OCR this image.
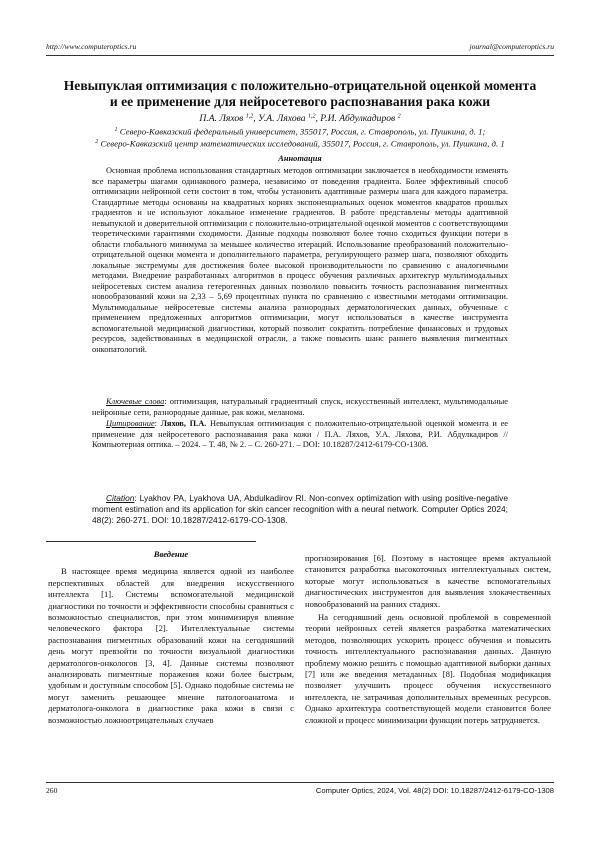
http://www.computeroptics.ru	journal@computeroptics.ru
Невыпуклая оптимизация с положительно-отрицательной оценкой момента и ее применение для нейросетевого распознавания рака кожи
П.А. Ляхов $^{1,2}$, У.А. Ляхова $^{1,2}$, Р.И. Абдулкадиров $^2$
$^1$ Северо-Кавказский федеральный университет, 355017, Россия, г. Ставрополь, ул. Пушкина, д. 1;
$^2$ Северо-Кавказский центр математических исследований, 355017, Россия, г. Ставрополь, ул. Пушкина, д. 1
Аннотация
Основная проблема использования стандартных методов оптимизации заключается в необходимости изменять все параметры шагами одинакового размера, независимо от поведения градиента. Более эффективный способ оптимизации нейронной сети состоит в том, чтобы установить адаптивные размеры шага для каждого параметра. Стандартные методы основаны на квадратных корнях экспоненциальных оценок моментов квадратов прошлых градиентов и не используют локальное изменение градиентов. В работе представлены методы адаптивной невыпуклой и доверительной оптимизации с положительно-отрицательной оценкой моментов с соответствующими теоретическими гарантиями сходимости. Данные подходы позволяют более точно сходиться функции потери в области глобального минимума за меньшее количество итераций. Использование преобразований положительно-отрицательной оценки момента и дополнительного параметра, регулирующего размер шага, позволяют обходить локальные экстремумы для достижения более высокой производительности по сравнению с аналогичными методами. Внедрение разработанных алгоритмов в процесс обучения различных архитектур мультимодальных нейросетевых систем анализа гетерогенных данных позволило повысить точность распознавания пигментных новообразований кожи на 2,33 – 5,69 процентных пункта по сравнению с известными методами оптимизации. Мультимодальные нейросетевые системы анализа разнородных дерматологических данных, обученные с применением предложенных алгоритмов оптимизации, могут использоваться в качестве инструмента вспомогательной медицинской диагностики, который позволит сократить потребление финансовых и трудовых ресурсов, задействованных в медицинской отрасли, а также повысить шанс раннего выявления пигментных онкопатологий.
Ключевые слова: оптимизация, натуральный градиентный спуск, искусственный интеллект, мультимодальные нейронные сети, разнородные данные, рак кожи, меланома.
Цитирование: Ляхов, П.А. Невыпуклая оптимизация с положительно-отрицательной оценкой момента и ее применение для нейросетевого распознавания рака кожи / П.А. Ляхов, У.А. Ляхова, Р.И. Абдулкадиров // Компьютерная оптика. – 2024. – Т. 48, № 2. – С. 260-271. – DOI: 10.18287/2412-6179-CO-1308.
Citation: Lyakhov PA, Lyakhova UA, Abdulkadirov RI. Non-convex optimization with using positive-negative moment estimation and its application for skin cancer recognition with a neural network. Computer Optics 2024; 48(2): 260-271. DOI: 10.18287/2412-6179-CO-1308.
Введение

В настоящее время медицина является одной из наиболее перспективных областей для внедрения искусственного интеллекта [1]. Системы вспомогательной медицинской диагностики по точности и эффективности способны сравняться с возможностью специалистов, при этом минимизируя влияние человеческого фактора [2]. Интеллектуальные системы распознавания пигментных образований кожи на сегодняшний день могут превзойти по точности визуальной диагностики дерматологов-онкологов [3, 4]. Данные системы позволяют анализировать пигментные поражения кожи более быстрым, удобным и доступным способом [5]. Однако подобные системы не могут заменить решающее мнение патологоанатома и дерматолога-онколога в диагностике рака кожи в связи с возможностью ложноотрицательных случаев

прогнозирования [6]. Поэтому в настоящее время актуальной становится разработка высокоточных интеллектуальных систем, которые могут использоваться в качестве вспомогательных диагностических инструментов для выявления злокачественных новообразований на ранних стадиях.

На сегодняшний день основной проблемой в современной теории нейронных сетей является разработка математических методов, позволяющих ускорить процесс обучения и повысить точность интеллектуального распознавания данных. Данную проблему можно решить с помощью адаптивной выборки данных [7] или же введения метаданных [8]. Подобная модификация позволяет улучшить процесс обучения искусственного интеллекта, не затрачивая дополнительных временных ресурсов. Однако архитектура соответствующей модели становится более сложной и процесс минимизации функции потерь затрудняется.

260	Computer Optics, 2024, Vol. 48(2) DOI: 10.18287/2412-6179-CO-1308
